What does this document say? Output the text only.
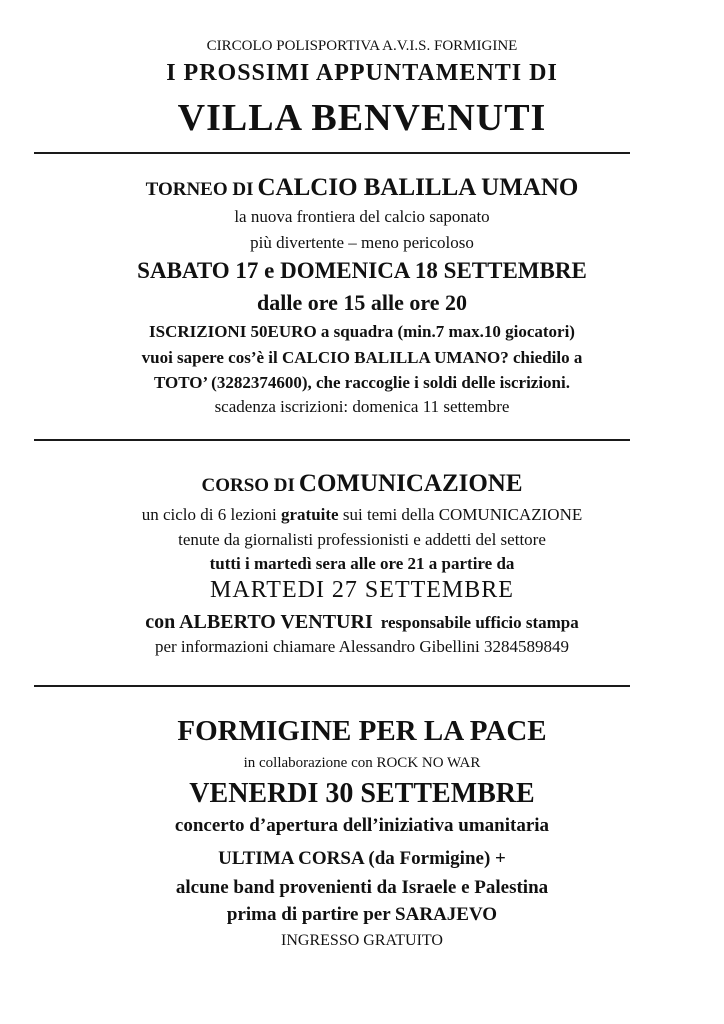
CIRCOLO POLISPORTIVA A.V.I.S. FORMIGINE
I PROSSIMI APPUNTAMENTI DI
VILLA BENVENUTI
TORNEO DI CALCIO BALILLA UMANO
la nuova frontiera del calcio saponato
più divertente – meno pericoloso
SABATO 17 e DOMENICA 18 SETTEMBRE
dalle ore 15 alle ore 20
ISCRIZIONI 50EURO a squadra (min.7 max.10 giocatori)
vuoi sapere cos’è il CALCIO BALILLA UMANO? chiedilo a
TOTO’ (3282374600), che raccoglie i soldi delle iscrizioni.
scadenza iscrizioni: domenica 11 settembre
CORSO DI COMUNICAZIONE
un ciclo di 6 lezioni gratuite sui temi della COMUNICAZIONE
tenute da giornalisti professionisti e addetti del settore
tutti i martedì sera alle ore 21 a partire da
MARTEDI 27 SETTEMBRE
con ALBERTO VENTURI responsabile ufficio stampa
per informazioni chiamare Alessandro Gibellini 3284589849
FORMIGINE PER LA PACE
in collaborazione con ROCK NO WAR
VENERDI 30 SETTEMBRE
concerto d’apertura dell’iniziativa umanitaria
ULTIMA CORSA (da Formigine) +
alcune band provenienti da Israele e Palestina
prima di partire per SARAJEVO
INGRESSO GRATUITO
